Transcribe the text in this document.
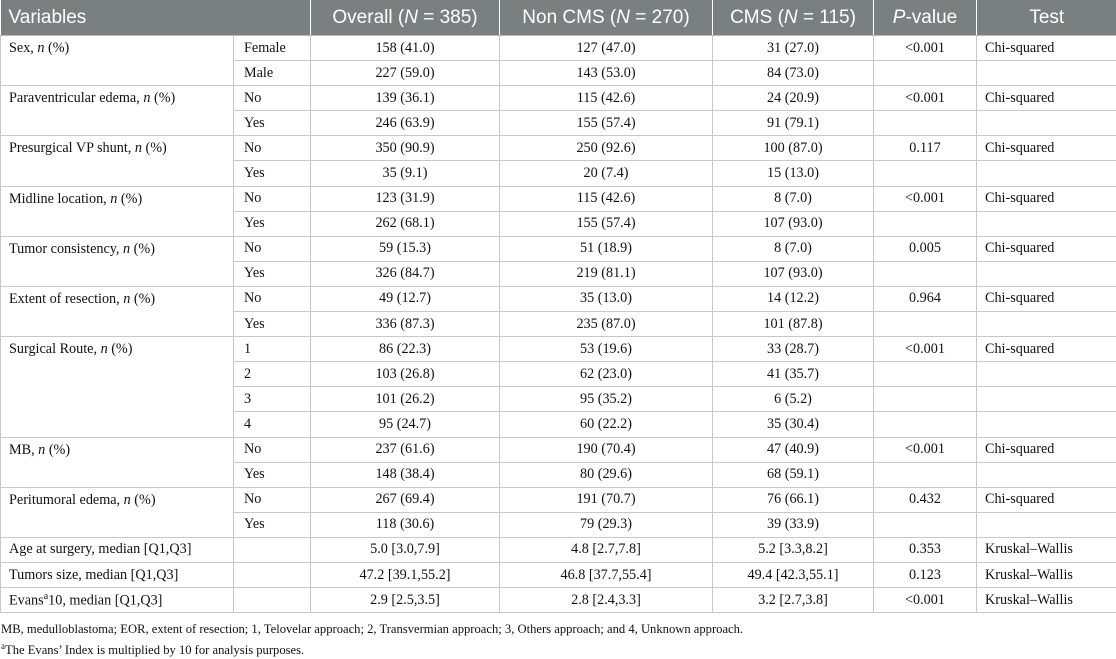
Variables		Overall (N = 385)	Non CMS (N = 270)	CMS (N = 115)	P-value	Test
Sex, n (%)	Female	158 (41.0)	127 (47.0)	31 (27.0)	<0.001	Chi-squared
	Male	227 (59.0)	143 (53.0)	84 (73.0)		
Paraventricular edema, n (%)	No	139 (36.1)	115 (42.6)	24 (20.9)	<0.001	Chi-squared
	Yes	246 (63.9)	155 (57.4)	91 (79.1)		
Presurgical VP shunt, n (%)	No	350 (90.9)	250 (92.6)	100 (87.0)	0.117	Chi-squared
	Yes	35 (9.1)	20 (7.4)	15 (13.0)		
Midline location, n (%)	No	123 (31.9)	115 (42.6)	8 (7.0)	<0.001	Chi-squared
	Yes	262 (68.1)	155 (57.4)	107 (93.0)		
Tumor consistency, n (%)	No	59 (15.3)	51 (18.9)	8 (7.0)	0.005	Chi-squared
	Yes	326 (84.7)	219 (81.1)	107 (93.0)		
Extent of resection, n (%)	No	49 (12.7)	35 (13.0)	14 (12.2)	0.964	Chi-squared
	Yes	336 (87.3)	235 (87.0)	101 (87.8)		
Surgical Route, n (%)	1	86 (22.3)	53 (19.6)	33 (28.7)	<0.001	Chi-squared
	2	103 (26.8)	62 (23.0)	41 (35.7)		
	3	101 (26.2)	95 (35.2)	6 (5.2)		
	4	95 (24.7)	60 (22.2)	35 (30.4)		
MB, n (%)	No	237 (61.6)	190 (70.4)	47 (40.9)	<0.001	Chi-squared
	Yes	148 (38.4)	80 (29.6)	68 (59.1)		
Peritumoral edema, n (%)	No	267 (69.4)	191 (70.7)	76 (66.1)	0.432	Chi-squared
	Yes	118 (30.6)	79 (29.3)	39 (33.9)		
Age at surgery, median [Q1,Q3]		5.0 [3.0,7.9]	4.8 [2.7,7.8]	5.2 [3.3,8.2]	0.353	Kruskal–Wallis
Tumors size, median [Q1,Q3]		47.2 [39.1,55.2]	46.8 [37.7,55.4]	49.4 [42.3,55.1]	0.123	Kruskal–Wallis
Evans$^a$10, median [Q1,Q3]		2.9 [2.5,3.5]	2.8 [2.4,3.3]	3.2 [2.7,3.8]	<0.001	Kruskal–Wallis
MB, medulloblastoma; EOR, extent of resection; 1, Telovelar approach; 2, Transvermian approach; 3, Others approach; and 4, Unknown approach.
$^a$The Evans’ Index is multiplied by 10 for analysis purposes.
